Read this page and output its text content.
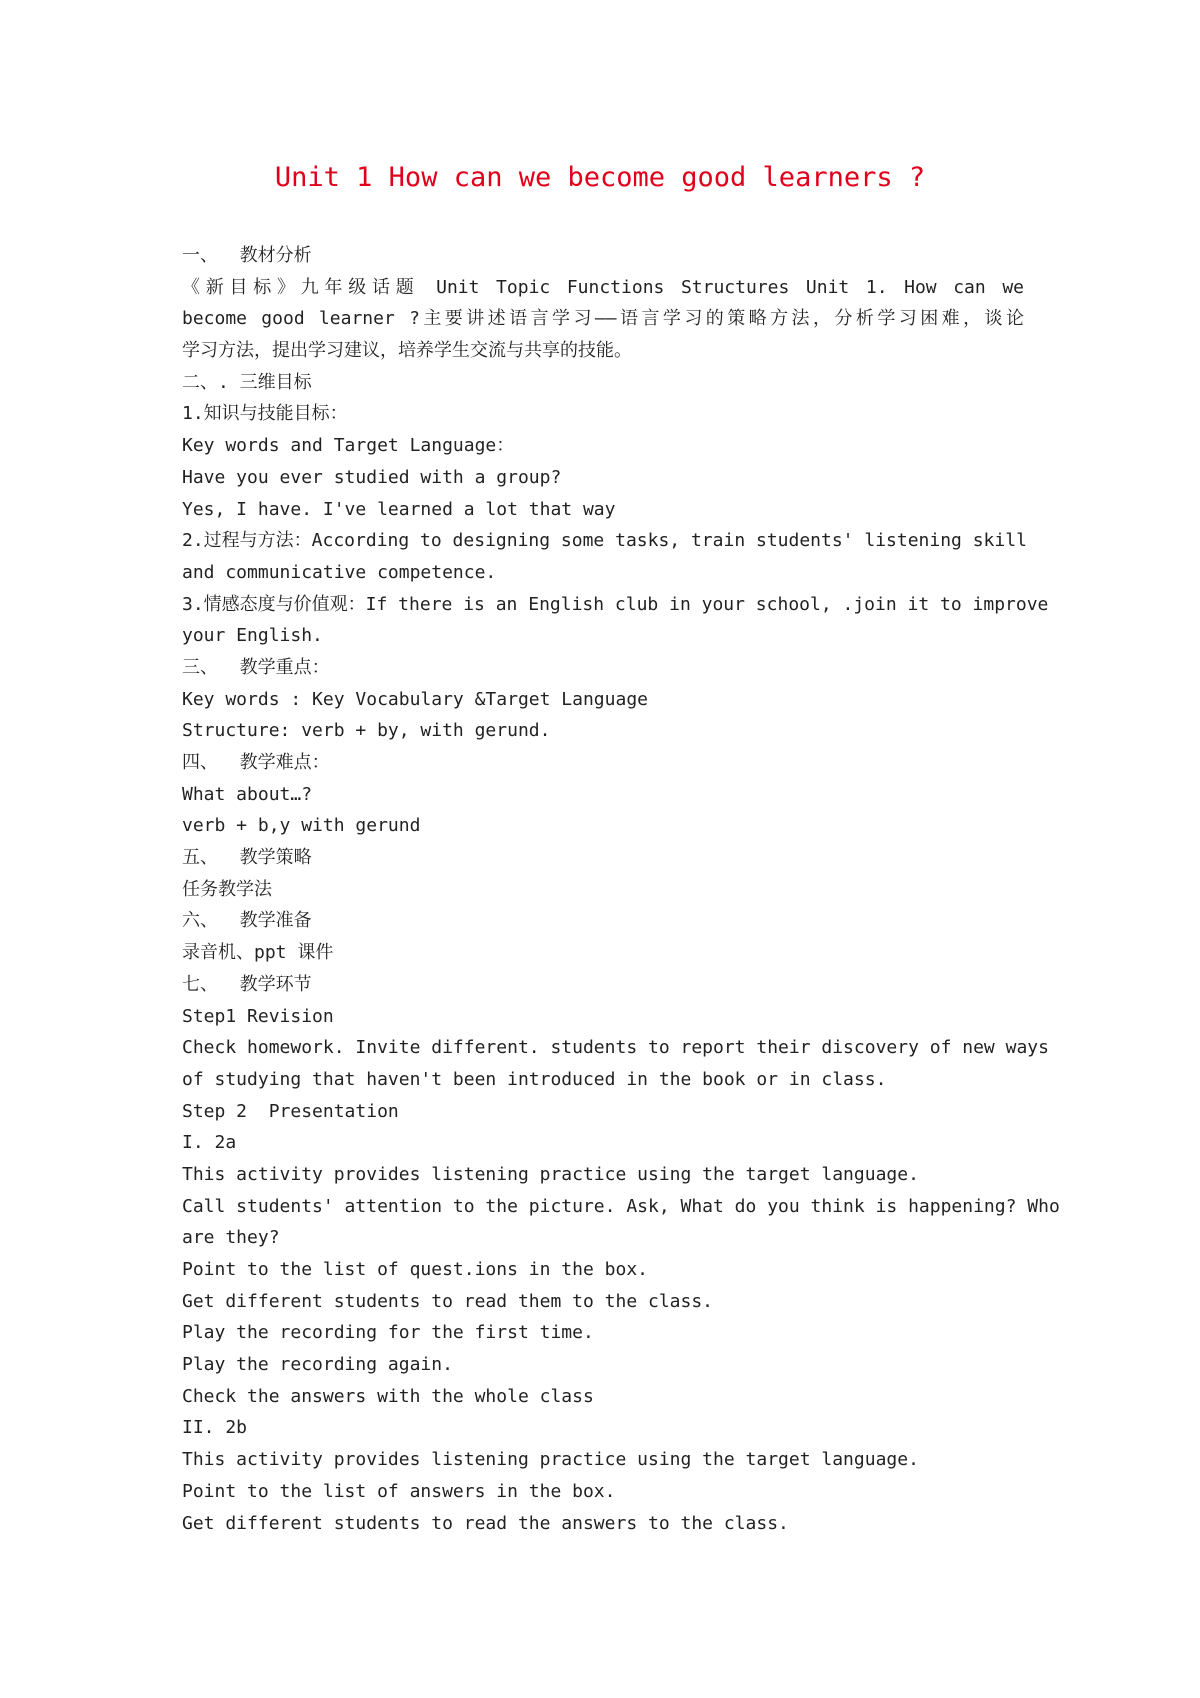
Unit 1 How can we become good learners ?
一、  教材分析
《新目标》九年级话题 Unit Topic Functions Structures Unit 1. How can we
become good learner ?主要讲述语言学习——语言学习的策略方法，分析学习困难，谈论
学习方法，提出学习建议，培养学生交流与共享的技能。
二、. 三维目标
1.知识与技能目标：
Key words and Target Language：
Have you ever studied with a group?
Yes, I have. I've learned a lot that way
2.过程与方法：According to designing some tasks, train students' listening skill
and communicative competence.
3.情感态度与价值观：If there is an English club in your school, .join it to improve
your English.
三、  教学重点：
Key words : Key Vocabulary &Target Language
Structure: verb + by, with gerund.
四、  教学难点：
What about…?
verb + b,y with gerund
五、  教学策略
任务教学法
六、  教学准备
录音机、ppt 课件
七、  教学环节
Step1 Revision
Check homework. Invite different. students to report their discovery of new ways
of studying that haven't been introduced in the book or in class.
Step 2  Presentation
I. 2a
This activity provides listening practice using the target language.
Call students' attention to the picture. Ask, What do you think is happening? Who
are they?
Point to the list of quest.ions in the box.
Get different students to read them to the class.
Play the recording for the first time.
Play the recording again.
Check the answers with the whole class
II. 2b
This activity provides listening practice using the target language.
Point to the list of answers in the box.
Get different students to read the answers to the class.
